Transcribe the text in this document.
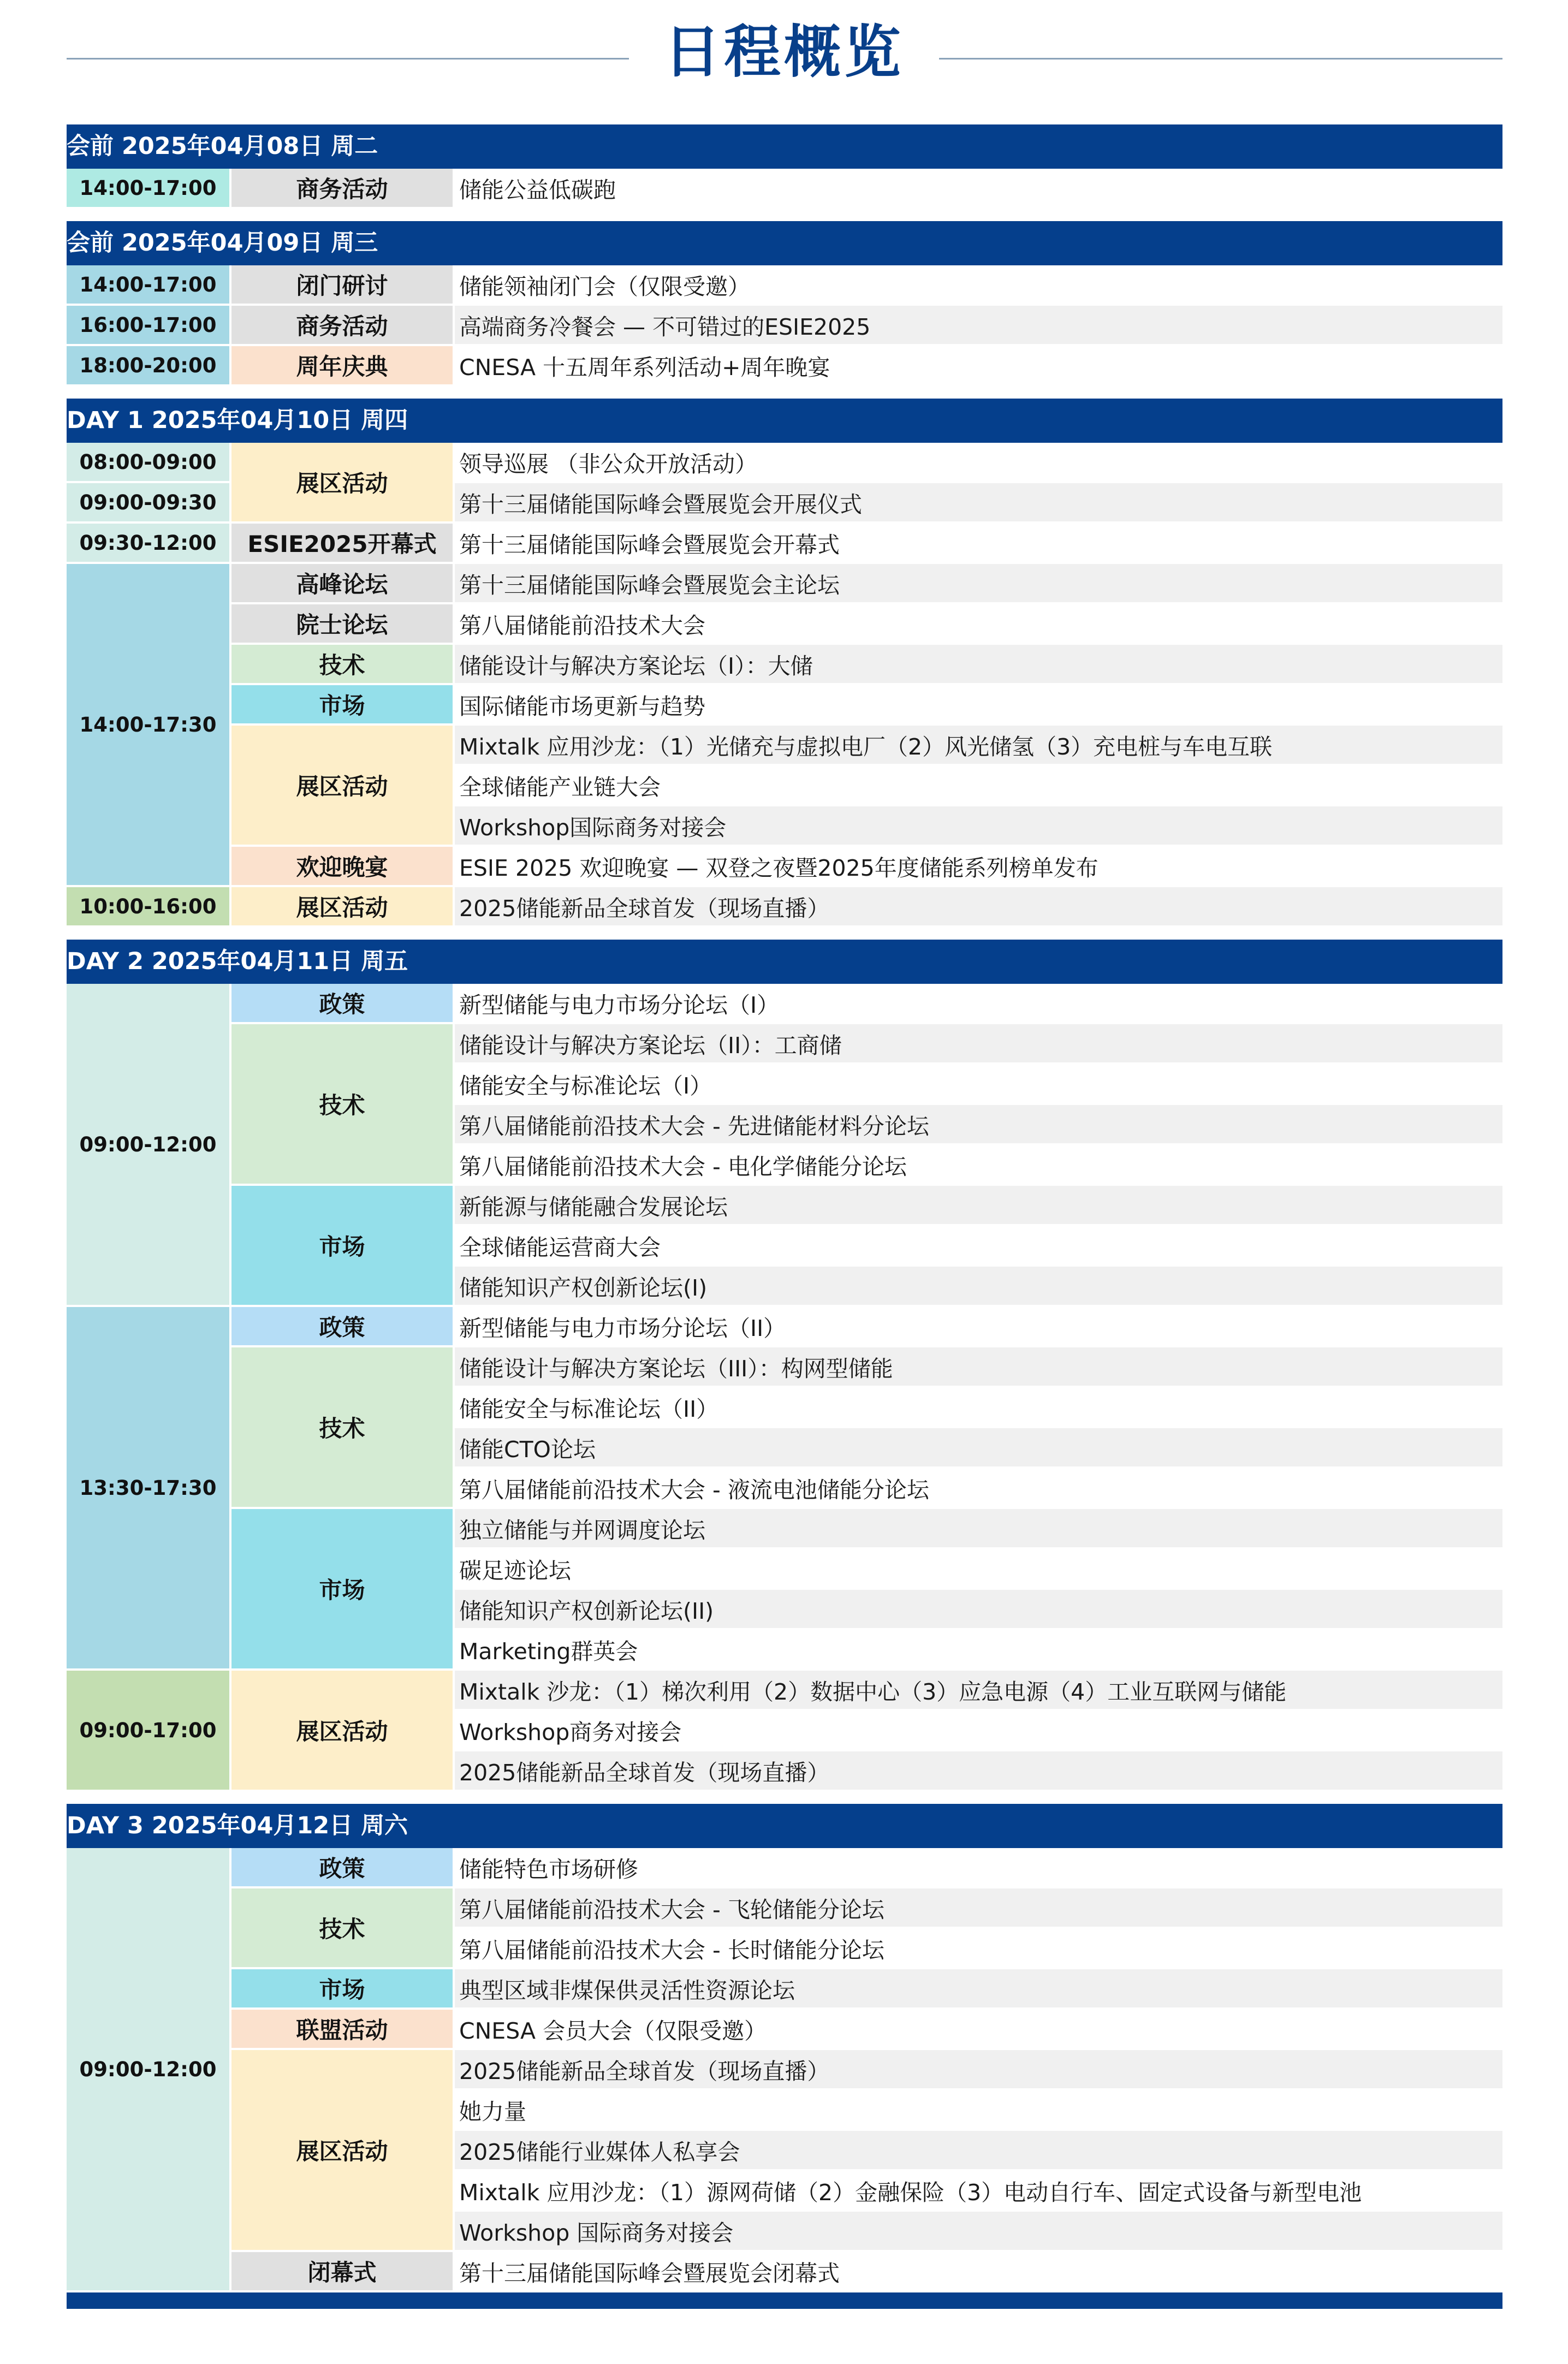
日程概览
会前 2025年04月08日 周二		
14:00-17:00	商务活动	储能公益低碳跑

会前 2025年04月09日 周三		
14:00-17:00	闭门研讨	储能领袖闭门会（仅限受邀）
16:00-17:00	商务活动	高端商务冷餐会 — 不可错过的ESIE2025
18:00-20:00	周年庆典	CNESA 十五周年系列活动+周年晚宴

DAY 1 2025年04月10日 周四		
08:00-09:00	展区活动	领导巡展 （非公众开放活动）
09:00-09:30		第十三届储能国际峰会暨展览会开展仪式
09:30-12:00	ESIE2025开幕式	第十三届储能国际峰会暨展览会开幕式
14:00-17:30	高峰论坛	第十三届储能国际峰会暨展览会主论坛
	院士论坛	第八届储能前沿技术大会
	技术	储能设计与解决方案论坛（I）：大储
	市场	国际储能市场更新与趋势
	展区活动	Mixtalk 应用沙龙：（1）光储充与虚拟电厂（2）风光储氢（3）充电桩与车电互联
		全球储能产业链大会
		Workshop国际商务对接会
	欢迎晚宴	ESIE 2025 欢迎晚宴 — 双登之夜暨2025年度储能系列榜单发布
10:00-16:00	展区活动	2025储能新品全球首发（现场直播）

DAY 2 2025年04月11日 周五		
09:00-12:00	政策	新型储能与电力市场分论坛（I）
	技术	储能设计与解决方案论坛（II）：工商储
		储能安全与标准论坛（I）
		第八届储能前沿技术大会 - 先进储能材料分论坛
		第八届储能前沿技术大会 - 电化学储能分论坛
	市场	新能源与储能融合发展论坛
		全球储能运营商大会
		储能知识产权创新论坛(I)
13:30-17:30	政策	新型储能与电力市场分论坛（II）
	技术	储能设计与解决方案论坛（III）：构网型储能
		储能安全与标准论坛（II）
		储能CTO论坛
		第八届储能前沿技术大会 - 液流电池储能分论坛
	市场	独立储能与并网调度论坛
		碳足迹论坛
		储能知识产权创新论坛(II)
		Marketing群英会
09:00-17:00	展区活动	Mixtalk 沙龙：（1）梯次利用（2）数据中心（3）应急电源（4）工业互联网与储能
		Workshop商务对接会
		2025储能新品全球首发（现场直播）

DAY 3 2025年04月12日 周六		
09:00-12:00	政策	储能特色市场研修
	技术	第八届储能前沿技术大会 - 飞轮储能分论坛
		第八届储能前沿技术大会 - 长时储能分论坛
	市场	典型区域非煤保供灵活性资源论坛
	联盟活动	CNESA 会员大会（仅限受邀）
	展区活动	2025储能新品全球首发（现场直播）
		她力量
		2025储能行业媒体人私享会
		Mixtalk 应用沙龙：（1）源网荷储（2）金融保险（3）电动自行车、固定式设备与新型电池
		Workshop 国际商务对接会
	闭幕式	第十三届储能国际峰会暨展览会闭幕式
